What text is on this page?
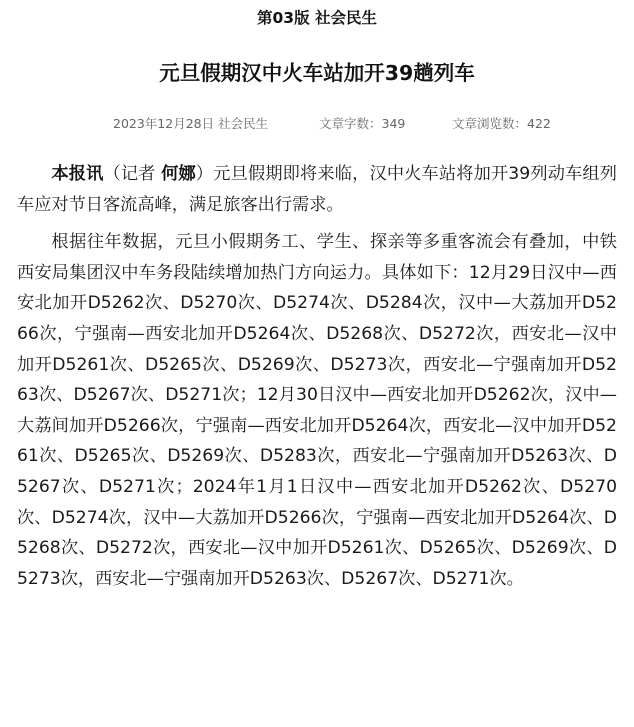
第03版 社会民生
元旦假期汉中火车站加开39趟列车
2023年12月28日 社会民生	文章字数：349	文章浏览数：422

本报讯（记者 何娜）元旦假期即将来临，汉中火车站将加开39列动车组列车应对节日客流高峰，满足旅客出行需求。

根据往年数据，元旦小假期务工、学生、探亲等多重客流会有叠加，中铁西安局集团汉中车务段陆续增加热门方向运力。具体如下：12月29日汉中—西安北加开D5262次、D5270次、D5274次、D5284次，汉中—大荔加开D5266次，宁强南—西安北加开D5264次、D5268次、D5272次，西安北—汉中加开D5261次、D5265次、D5269次、D5273次，西安北—宁强南加开D5263次、D5267次、D5271次；12月30日汉中—西安北加开D5262次，汉中—大荔间加开D5266次，宁强南—西安北加开D5264次，西安北—汉中加开D5261次、D5265次、D5269次、D5283次，西安北—宁强南加开D5263次、D5267次、D5271次；2024年1月1日汉中—西安北加开D5262次、D5270次、D5274次，汉中—大荔加开D5266次，宁强南—西安北加开D5264次、D5268次、D5272次，西安北—汉中加开D5261次、D5265次、D5269次、D5273次，西安北—宁强南加开D5263次、D5267次、D5271次。
